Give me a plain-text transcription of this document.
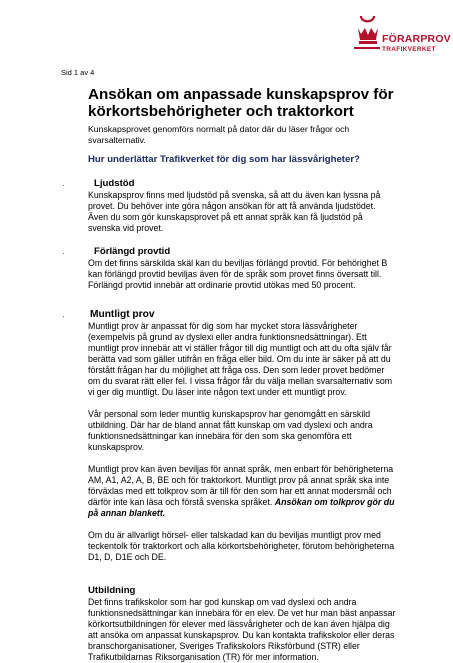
FÖRARPROV
TRAFIKVERKET
Sid 1 av 4
Ansökan om anpassade kunskapsprov för körkortsbehörigheter och traktorkort
Kunskapsprovet genomförs normalt på dator där du läser frågor och svarsalternativ.
Hur underlättar Trafikverket för dig som har lässvårigheter?
·	Ljudstöd

Kunskapsprov finns med ljudstöd på svenska, så att du även kan lyssna på provet. Du behöver inte göra någon ansökan för att få använda ljudstödet. Även du som gör kunskapsprovet på ett annat språk kan få ljudstöd på svenska vid provet.

·	Förlängd provtid

Om det finns särskilda skäl kan du beviljas förlängd provtid. För behörighet B kan förlängd provtid beviljas även för de språk som provet finns översatt till. Förlängd provtid innebär att ordinarie provtid utökas med 50 procent.

· Muntligt prov

Muntligt prov är anpassat för dig som har mycket stora lässvårigheter (exempelvis på grund av dyslexi eller andra funktionsnedsättningar). Ett muntligt prov innebär att vi ställer frågor till dig muntligt och att du ofta själv får berätta vad som gäller utifrån en fråga eller bild. Om du inte är säker på att du förstått frågan har du möjlighet att fråga oss. Den som leder provet bedömer om du svarat rätt eller fel. I vissa frågor får du välja mellan svarsalternativ som vi ger dig muntligt. Du läser inte någon text under ett muntligt prov.

Vår personal som leder muntlig kunskapsprov har genomgått en särskild utbildning. Där har de bland annat fått kunskap om vad dyslexi och andra funktionsnedsättningar kan innebära för den som ska genomföra ett kunskapsprov.

Muntligt prov kan även beviljas för annat språk, men enbart för behörigheterna AM, A1, A2, A, B, BE och för traktorkort. Muntligt prov på annat språk ska inte förväxlas med ett tolkprov som är till för den som har ett annat modersmål och därför inte kan läsa och förstå svenska språket. Ansökan om tolkprov gör du på annan blankett.

Om du är allvarligt hörsel- eller talskadad kan du beviljas muntligt prov med teckentolk för traktorkort och alla körkortsbehörigheter, förutom behörigheterna D1, D, D1E och DE.

Utbildning

Det finns trafikskolor som har god kunskap om vad dyslexi och andra funktionsnedsättningar kan innebära för en elev. De vet hur man bäst anpassar körkortsutbildningen för elever med lässvårigheter och de kan även hjälpa dig att ansöka om anpassat kunskapsprov. Du kan kontakta trafikskolor eller deras branschorganisationer, Sveriges Trafikskolors Riksförbund (STR) eller Trafikutbildarnas Riksorganisation (TR) för mer information.
